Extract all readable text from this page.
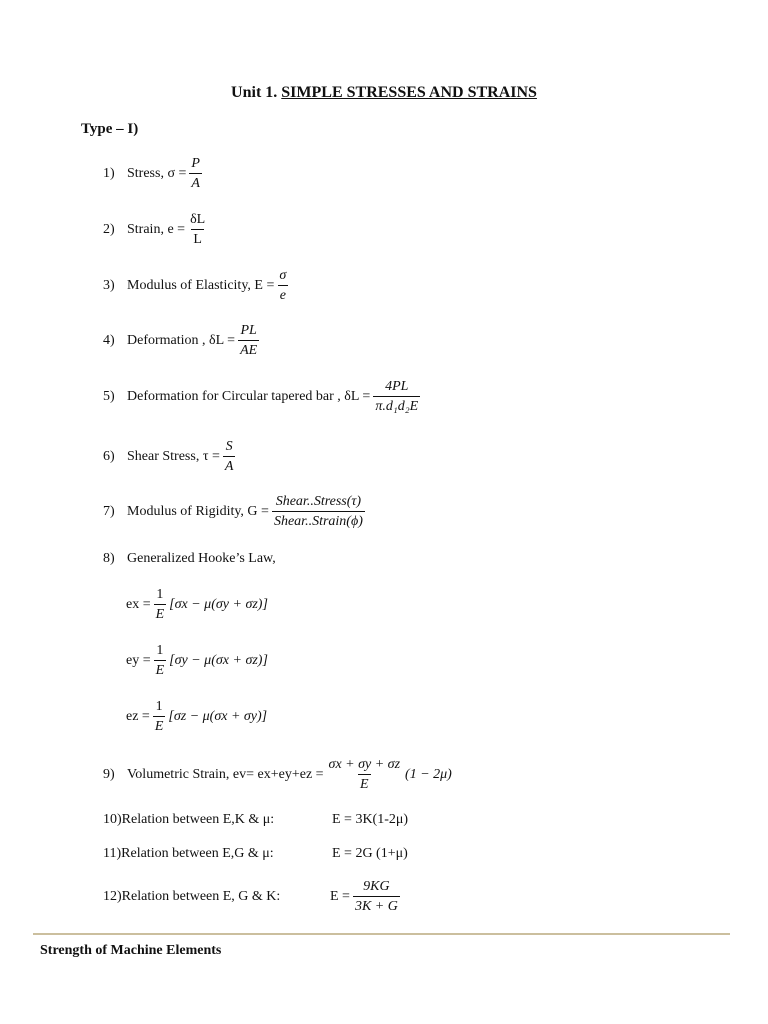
Unit 1. SIMPLE STRESSES AND STRAINS
Type – I)
1) Stress, $\sigma = \frac{P}{A}$
2) Strain, $e = \frac{\delta L}{L}$
3) Modulus of Elasticity, $E = \frac{\sigma}{e}$
4) Deformation , $\delta L = \frac{PL}{AE}$
5) Deformation for Circular tapered bar , $\delta L = \frac{4PL}{\text{π.d₁d₂E}}$
6) Shear Stress, $\tau = \frac{S}{A}$
7) Modulus of Rigidity, $G = \frac{\text{Shear..Stress(τ)}}{\text{Shear..Strain(ϕ)}}$
8) Generalized Hooke’s Law,
ex = $\frac{1}{E} [\sigma x - \mu(\sigma y + \sigma z)]$
ey = $\frac{1}{E} [\sigma y - \mu(\sigma x + \sigma z)]$
ez = $\frac{1}{E} [\sigma z - \mu(\sigma x + \sigma y)]$
9) Volumetric Strain, $ev= ex+ey+ez = \frac{\sigma x + \sigma y + \sigma z}{E} (1 - 2\mu)$
10)Relation between E,K & μ:	E = 3K(1-2μ)
11)Relation between E,G & μ:	E = 2G (1+μ)
12)Relation between E, G & K:	$E = \frac{9KG}{3K + G}$
Strength of Machine Elements
